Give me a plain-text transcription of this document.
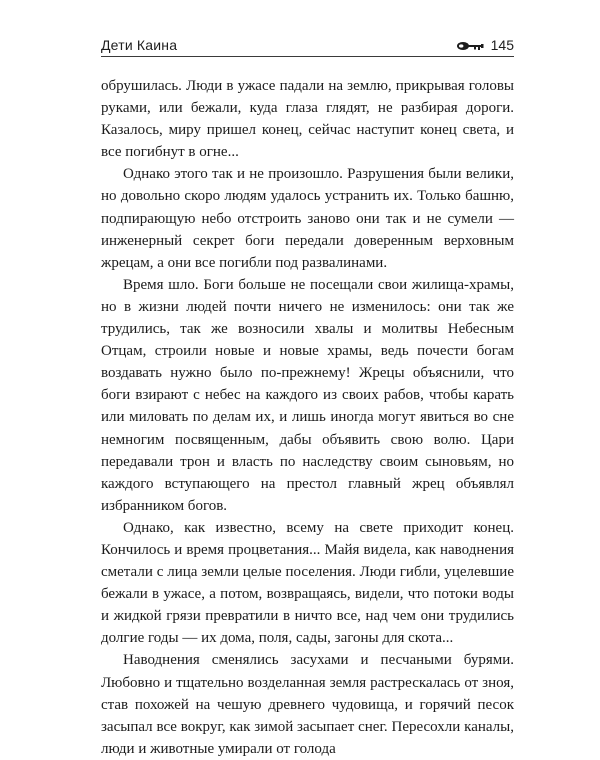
Дети Каина	145

обрушилась. Люди в ужасе падали на землю, прикрывая головы руками, или бежали, куда глаза глядят, не разбирая дороги. Казалось, миру пришел конец, сейчас наступит конец света, и все погибнут в огне...

Однако этого так и не произошло. Разрушения были велики, но довольно скоро людям удалось устранить их. Только башню, подпирающую небо отстроить заново они так и не сумели — инженерный секрет боги передали доверенным верховным жрецам, а они все погибли под развалинами.

Время шло. Боги больше не посещали свои жилища-храмы, но в жизни людей почти ничего не изменилось: они так же трудились, так же возносили хвалы и молитвы Небесным Отцам, строили новые и новые храмы, ведь почести богам воздавать нужно было по-прежнему! Жрецы объяснили, что боги взирают с небес на каждого из своих рабов, чтобы карать или миловать по делам их, и лишь иногда могут явиться во сне немногим посвященным, дабы объявить свою волю. Цари передавали трон и власть по наследству своим сыновьям, но каждого вступающего на престол главный жрец объявлял избранником богов.

Однако, как известно, всему на свете приходит конец. Кончилось и время процветания... Майя видела, как наводнения сметали с лица земли целые поселения. Люди гибли, уцелевшие бежали в ужасе, а потом, возвращаясь, видели, что потоки воды и жидкой грязи превратили в ничто все, над чем они трудились долгие годы — их дома, поля, сады, загоны для скота...

Наводнения сменялись засухами и песчаными бурями. Любовно и тщательно возделанная земля растрескалась от зноя, став похожей на чешую древнего чудовища, и горячий песок засыпал все вокруг, как зимой засыпает снег. Пересохли каналы, люди и животные умирали от голода
